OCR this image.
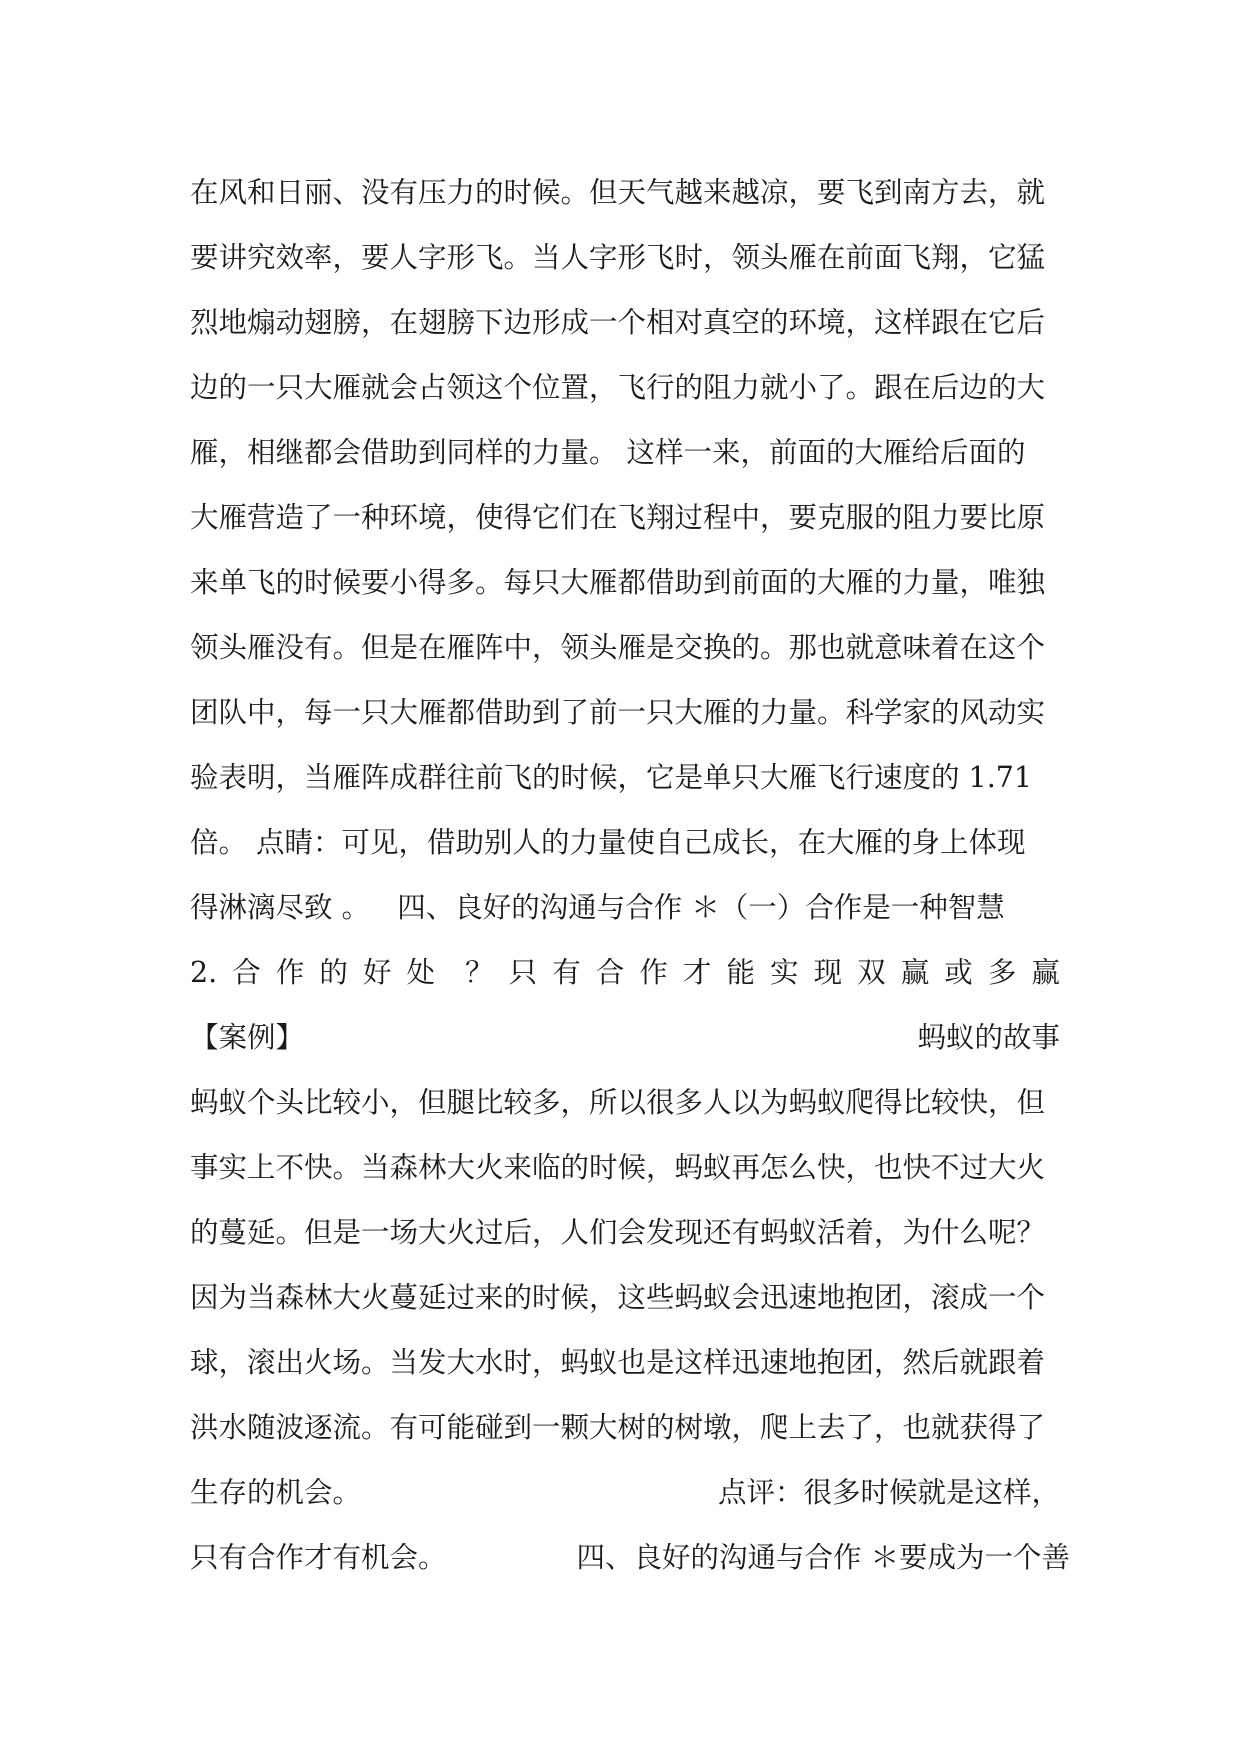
在风和日丽、没有压力的时候。但天气越来越凉，要飞到南方去，就
要讲究效率，要人字形飞。当人字形飞时，领头雁在前面飞翔，它猛
烈地煽动翅膀，在翅膀下边形成一个相对真空的环境，这样跟在它后
边的一只大雁就会占领这个位置，飞行的阻力就小了。跟在后边的大
雁，相继都会借助到同样的力量。 这样一来，前面的大雁给后面的
大雁营造了一种环境，使得它们在飞翔过程中，要克服的阻力要比原
来单飞的时候要小得多。每只大雁都借助到前面的大雁的力量，唯独
领头雁没有。但是在雁阵中，领头雁是交换的。那也就意味着在这个
团队中，每一只大雁都借助到了前一只大雁的力量。科学家的风动实
验表明，当雁阵成群往前飞的时候，它是单只大雁飞行速度的 1.71
倍。 点睛：可见，借助别人的力量使自己成长，在大雁的身上体现
得淋漓尽致 。   四、良好的沟通与合作 ＊（一）合作是一种智慧
2. 合 作 的 好 处 ？ 只 有 合 作 才 能 实 现 双 赢 或 多 赢
【案例】	蚂蚁的故事
蚂蚁个头比较小，但腿比较多，所以很多人以为蚂蚁爬得比较快，但
事实上不快。当森林大火来临的时候，蚂蚁再怎么快，也快不过大火
的蔓延。但是一场大火过后，人们会发现还有蚂蚁活着，为什么呢？
因为当森林大火蔓延过来的时候，这些蚂蚁会迅速地抱团，滚成一个
球，滚出火场。当发大水时，蚂蚁也是这样迅速地抱团，然后就跟着
洪水随波逐流。有可能碰到一颗大树的树墩，爬上去了，也就获得了
生存的机会。	点评：很多时候就是这样，
只有合作才有机会。	四、良好的沟通与合作 ＊要成为一个善
